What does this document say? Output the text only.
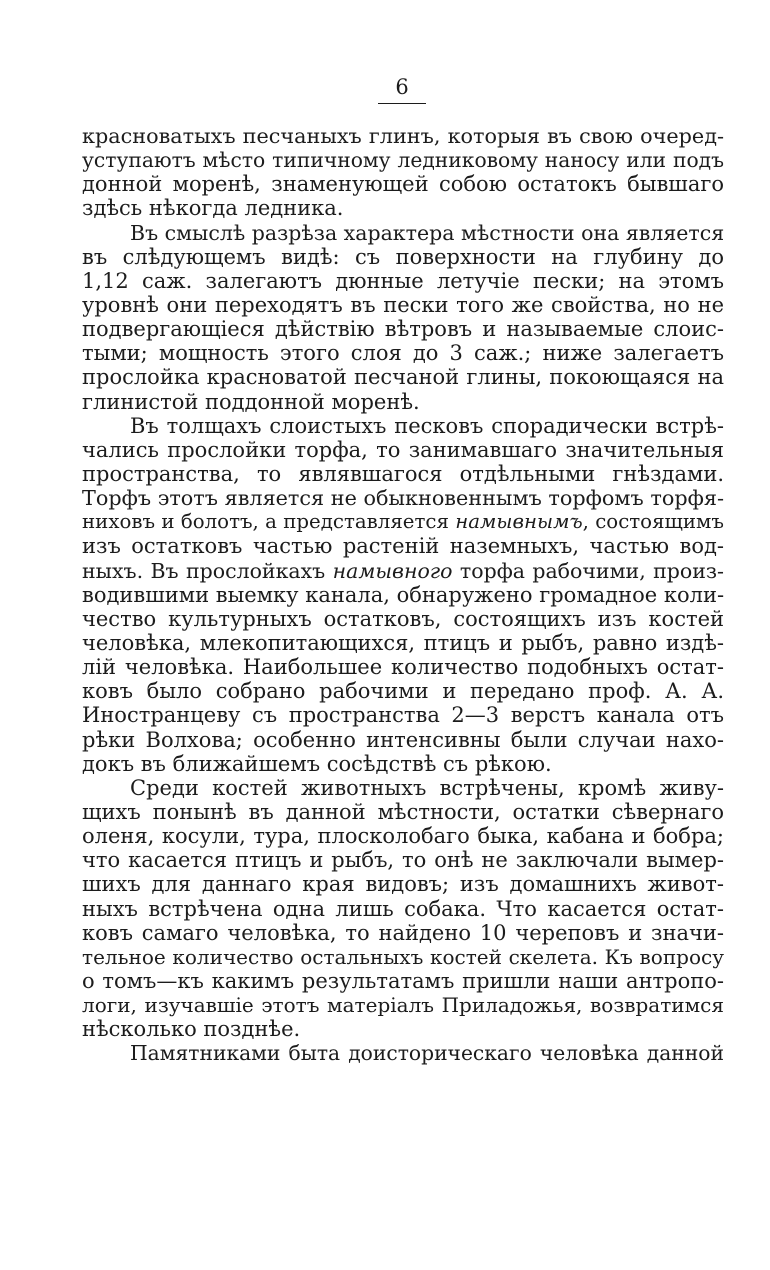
6

красноватыхъ песчаныхъ глинъ, которыя въ свою очеред-
уступаютъ мѣсто типичному ледниковому наносу или подъ
донной моренѣ, знаменующей собою остатокъ бывшаго
здѣсь нѣкогда ледника.

Въ смыслѣ разрѣза характера мѣстности она является
въ слѣдующемъ видѣ: съ поверхности на глубину до
1,12 саж. залегаютъ дюнные летучіе пески; на этомъ
уровнѣ они переходятъ въ пески того же свойства, но не
подвергающіеся дѣйствію вѣтровъ и называемые слоис-
тыми; мощность этого слоя до 3 саж.; ниже залегаетъ
прослойка красноватой песчаной глины, покоющаяся на
глинистой поддонной моренѣ.

Въ толщахъ слоистыхъ песковъ спорадически встрѣ-
чались прослойки торфа, то занимавшаго значительныя
пространства, то являвшагося отдѣльными гнѣздами.
Торфъ этотъ является не обыкновеннымъ торфомъ торфя-
ниховъ и болотъ, а представляется намывнымъ, состоящимъ
изъ остатковъ частью растеній наземныхъ, частью вод-
ныхъ. Въ прослойкахъ намывного торфа рабочими, произ-
водившими выемку канала, обнаружено громадное коли-
чество культурныхъ остатковъ, состоящихъ изъ костей
человѣка, млекопитающихся, птицъ и рыбъ, равно издѣ-
лій человѣка. Наибольшее количество подобныхъ остат-
ковъ было собрано рабочими и передано проф. А. А.
Иностранцеву съ пространства 2—3 верстъ канала отъ
рѣки Волхова; особенно интенсивны были случаи нахо-
докъ въ ближайшемъ сосѣдствѣ съ рѣкою.

Среди костей животныхъ встрѣчены, кромѣ живу-
щихъ понынѣ въ данной мѣстности, остатки сѣвернаго
оленя, косули, тура, плосколобаго быка, кабана и бобра;
что касается птицъ и рыбъ, то онѣ не заключали вымер-
шихъ для даннаго края видовъ; изъ домашнихъ живот-
ныхъ встрѣчена одна лишь собака. Что касается остат-
ковъ самаго человѣка, то найдено 10 череповъ и значи-
тельное количество остальныхъ костей скелета. Къ вопросу
о томъ—къ какимъ результатамъ пришли наши антропо-
логи, изучавшіе этотъ матеріалъ Приладожья, возвратимся
нѣсколько позднѣе.

Памятниками быта доисторическаго человѣка данной
